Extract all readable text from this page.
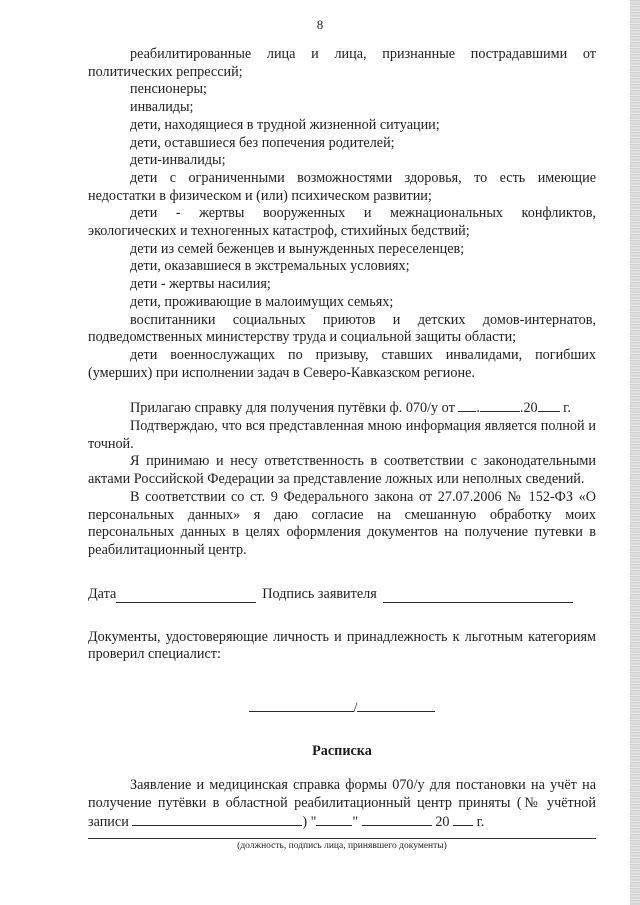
8

реабилитированные лица и лица, признанные пострадавшими от политических репрессий;

пенсионеры;

инвалиды;

дети, находящиеся в трудной жизненной ситуации;

дети, оставшиеся без попечения родителей;

дети-инвалиды;

дети с ограниченными возможностями здоровья, то есть имеющие недостатки в физическом и (или) психическом развитии;

дети - жертвы вооруженных и межнациональных конфликтов, экологических и техногенных катастроф, стихийных бедствий;

дети из семей беженцев и вынужденных переселенцев;

дети, оказавшиеся в экстремальных условиях;

дети - жертвы насилия;

дети, проживающие в малоимущих семьях;

воспитанники социальных приютов и детских домов-интернатов, подведомственных министерству труда и социальной защиты области;

дети военнослужащих по призыву, ставших инвалидами, погибших (умерших) при исполнении задач в Северо-Кавказском регионе.

Прилагаю справку для получения путёвки ф. 070/у от .	.20 г.

Подтверждаю, что вся представленная мною информация является полной и точной.

Я принимаю и несу ответственность в соответствии с законодательными актами Российской Федерации за представление ложных или неполных сведений.

В соответствии со ст. 9 Федерального закона от 27.07.2006 № 152-ФЗ «О персональных данных» я даю согласие на смешанную обработку моих персональных данных в целях оформления документов на получение путевки в реабилитационный центр.

Дата	Подпись заявителя

Документы, удостоверяющие личность и принадлежность к льготным категориям проверил специалист:

/

Расписка

Заявление и медицинская справка формы 070/у для постановки на учёт на получение путёвки в областной реабилитационный центр приняты (№ учётной записи	) "	"	20 г.

(должность, подпись лица, принявшего документы)
